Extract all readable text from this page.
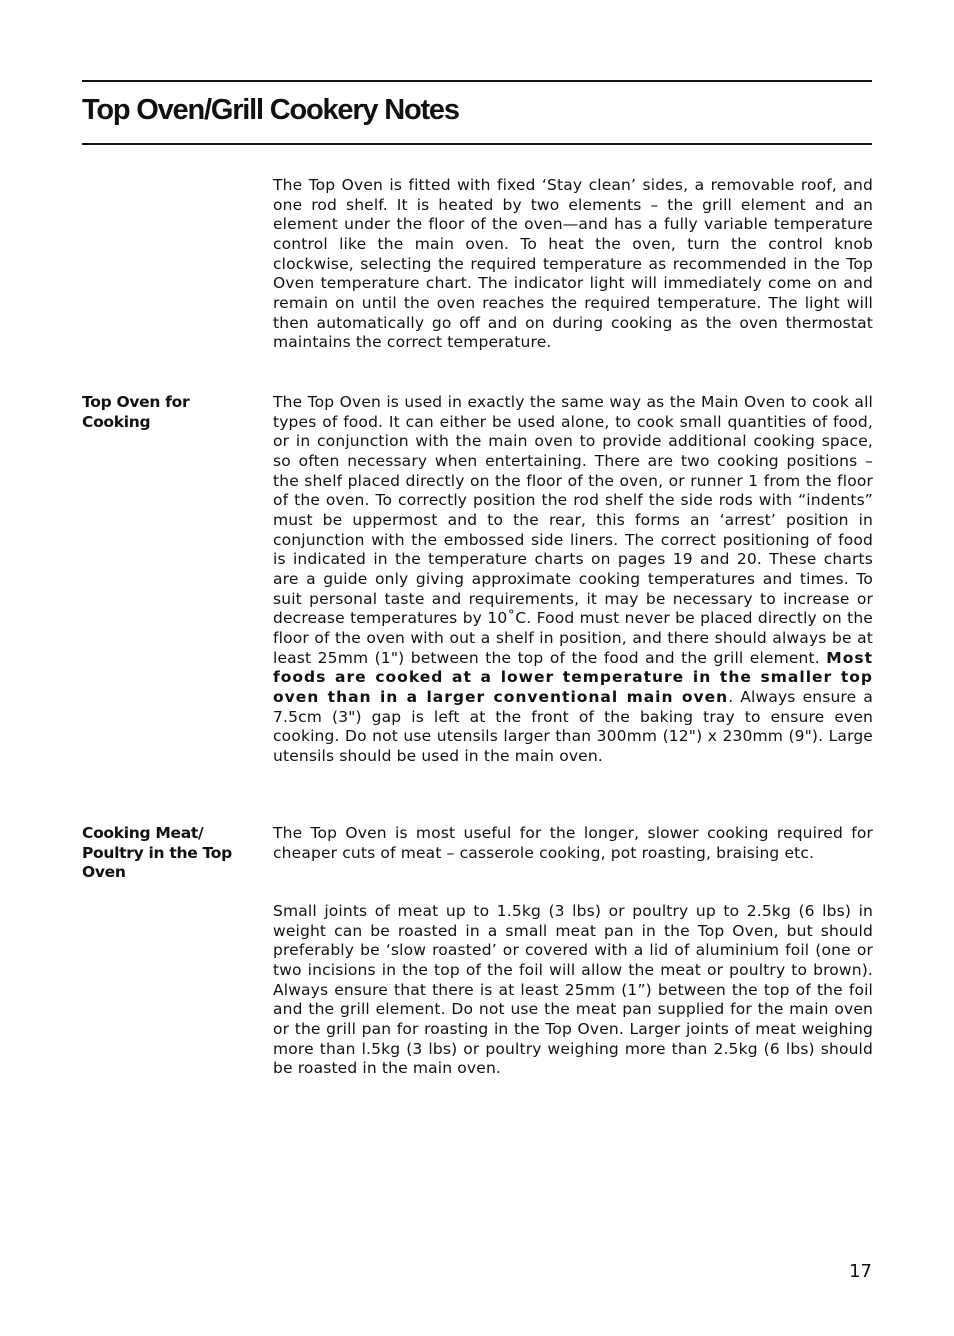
Top Oven/Grill Cookery Notes

The Top Oven is fitted with fixed ‘Stay clean’ sides, a removable roof, and one rod shelf. It is heated by two elements – the grill element and an element under the floor of the oven—and has a fully variable temperature control like the main oven. To heat the oven, turn the control knob clockwise, selecting the required temperature as recommended in the Top Oven temperature chart. The indicator light will immediately come on and remain on until the oven reaches the required temperature. The light will then automatically go off and on during cooking as the oven thermostat maintains the correct temperature.

Top Oven for Cooking

The Top Oven is used in exactly the same way as the Main Oven to cook all types of food. It can either be used alone, to cook small quantities of food, or in conjunction with the main oven to provide additional cooking space, so often necessary when entertaining. There are two cooking positions – the shelf placed directly on the floor of the oven, or runner 1 from the floor of the oven. To correctly position the rod shelf the side rods with “indents” must be uppermost and to the rear, this forms an ‘arrest’ position in conjunction with the embossed side liners. The correct positioning of food is indicated in the temperature charts on pages 19 and 20. These charts are a guide only giving approximate cooking temperatures and times. To suit personal taste and requirements, it may be necessary to increase or decrease temperatures by 10˚C. Food must never be placed directly on the floor of the oven with out a shelf in position, and there should always be at least 25mm (1") between the top of the food and the grill element. Most foods are cooked at a lower temperature in the smaller top oven than in a larger conventional main oven. Always ensure a 7.5cm (3") gap is left at the front of the baking tray to ensure even cooking. Do not use utensils larger than 300mm (12") x 230mm (9"). Large utensils should be used in the main oven.

Cooking Meat/ Poultry in the Top Oven

The Top Oven is most useful for the longer, slower cooking required for cheaper cuts of meat – casserole cooking, pot roasting, braising etc.

Small joints of meat up to 1.5kg (3 lbs) or poultry up to 2.5kg (6 lbs) in weight can be roasted in a small meat pan in the Top Oven, but should preferably be ‘slow roasted’ or covered with a lid of aluminium foil (one or two incisions in the top of the foil will allow the meat or poultry to brown). Always ensure that there is at least 25mm (1”) between the top of the foil and the grill element. Do not use the meat pan supplied for the main oven or the grill pan for roasting in the Top Oven. Larger joints of meat weighing more than l.5kg (3 lbs) or poultry weighing more than 2.5kg (6 lbs) should be roasted in the main oven.

17
